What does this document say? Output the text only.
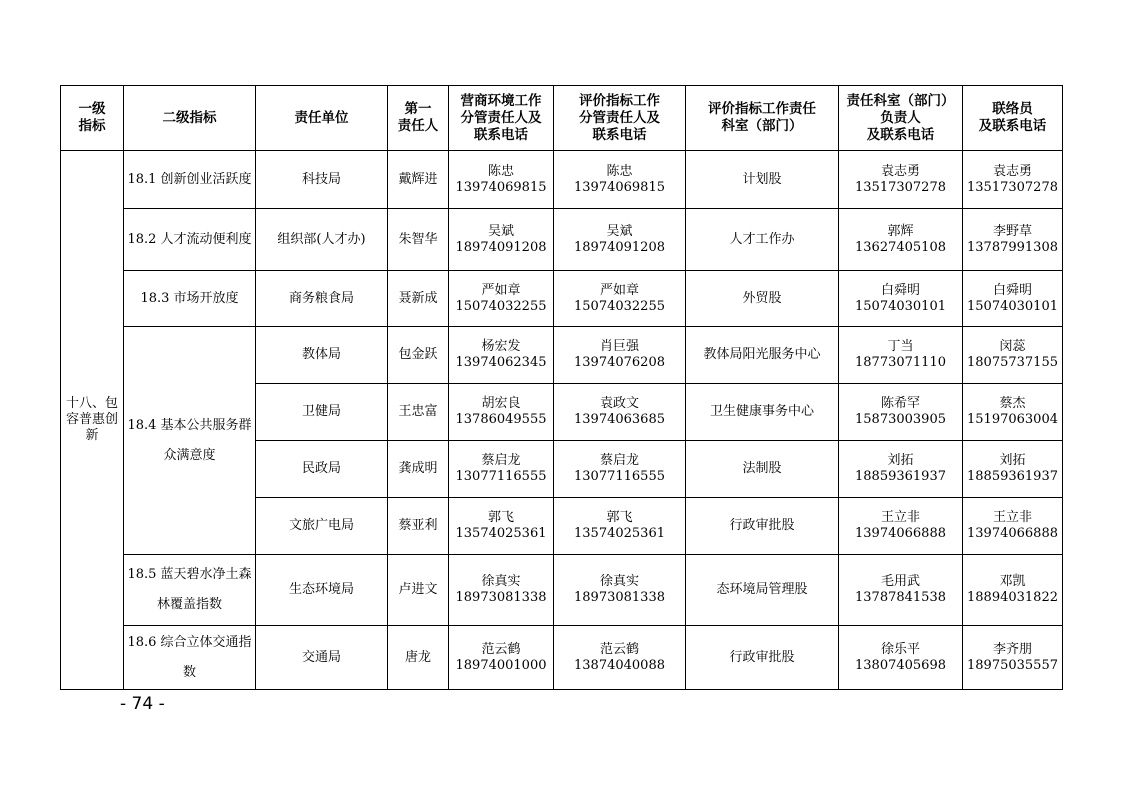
一级
指标	二级指标	责任单位	第一
责任人	营商环境工作
分管责任人及
联系电话	评价指标工作
分管责任人及
联系电话	评价指标工作责任
科室（部门）	责任科室（部门）
负责人
及联系电话	联络员
及联系电话

十八、包容普惠创新	18.1 创新创业活跃度	科技局	戴辉进	陈忠
13974069815	陈忠
13974069815	计划股	袁志勇
13517307278	袁志勇
13517307278

	18.2 人才流动便利度	组织部(人才办)	朱智华	吴斌
18974091208	吴斌
18974091208	人才工作办	郭辉
13627405108	李野草
13787991308

	18.3 市场开放度	商务粮食局	聂新成	严如章
15074032255	严如章
15074032255	外贸股	白舜明
15074030101	白舜明
15074030101

	18.4 基本公共服务群众满意度	教体局	包金跃	杨宏发
13974062345	肖巨强
13974076208	教体局阳光服务中心	丁当
18773071110	闵蕊
18075737155

		卫健局	王忠富	胡宏良
13786049555	袁政文
13974063685	卫生健康事务中心	陈希罕
15873003905	蔡杰
15197063004

		民政局	龚成明	蔡启龙
13077116555	蔡启龙
13077116555	法制股	刘拓
18859361937	刘拓
18859361937

		文旅广电局	蔡亚利	郭飞
13574025361	郭飞
13574025361	行政审批股	王立非
13974066888	王立非
13974066888

	18.5 蓝天碧水净土森林覆盖指数	生态环境局	卢进文	徐真实
18973081338	徐真实
18973081338	态环境局管理股	毛用武
13787841538	邓凯
18894031822

	18.6 综合立体交通指数	交通局	唐龙	范云鹤
18974001000	范云鹤
13874040088	行政审批股	徐乐平
13807405698	李齐朋
18975035557
- 74 -
